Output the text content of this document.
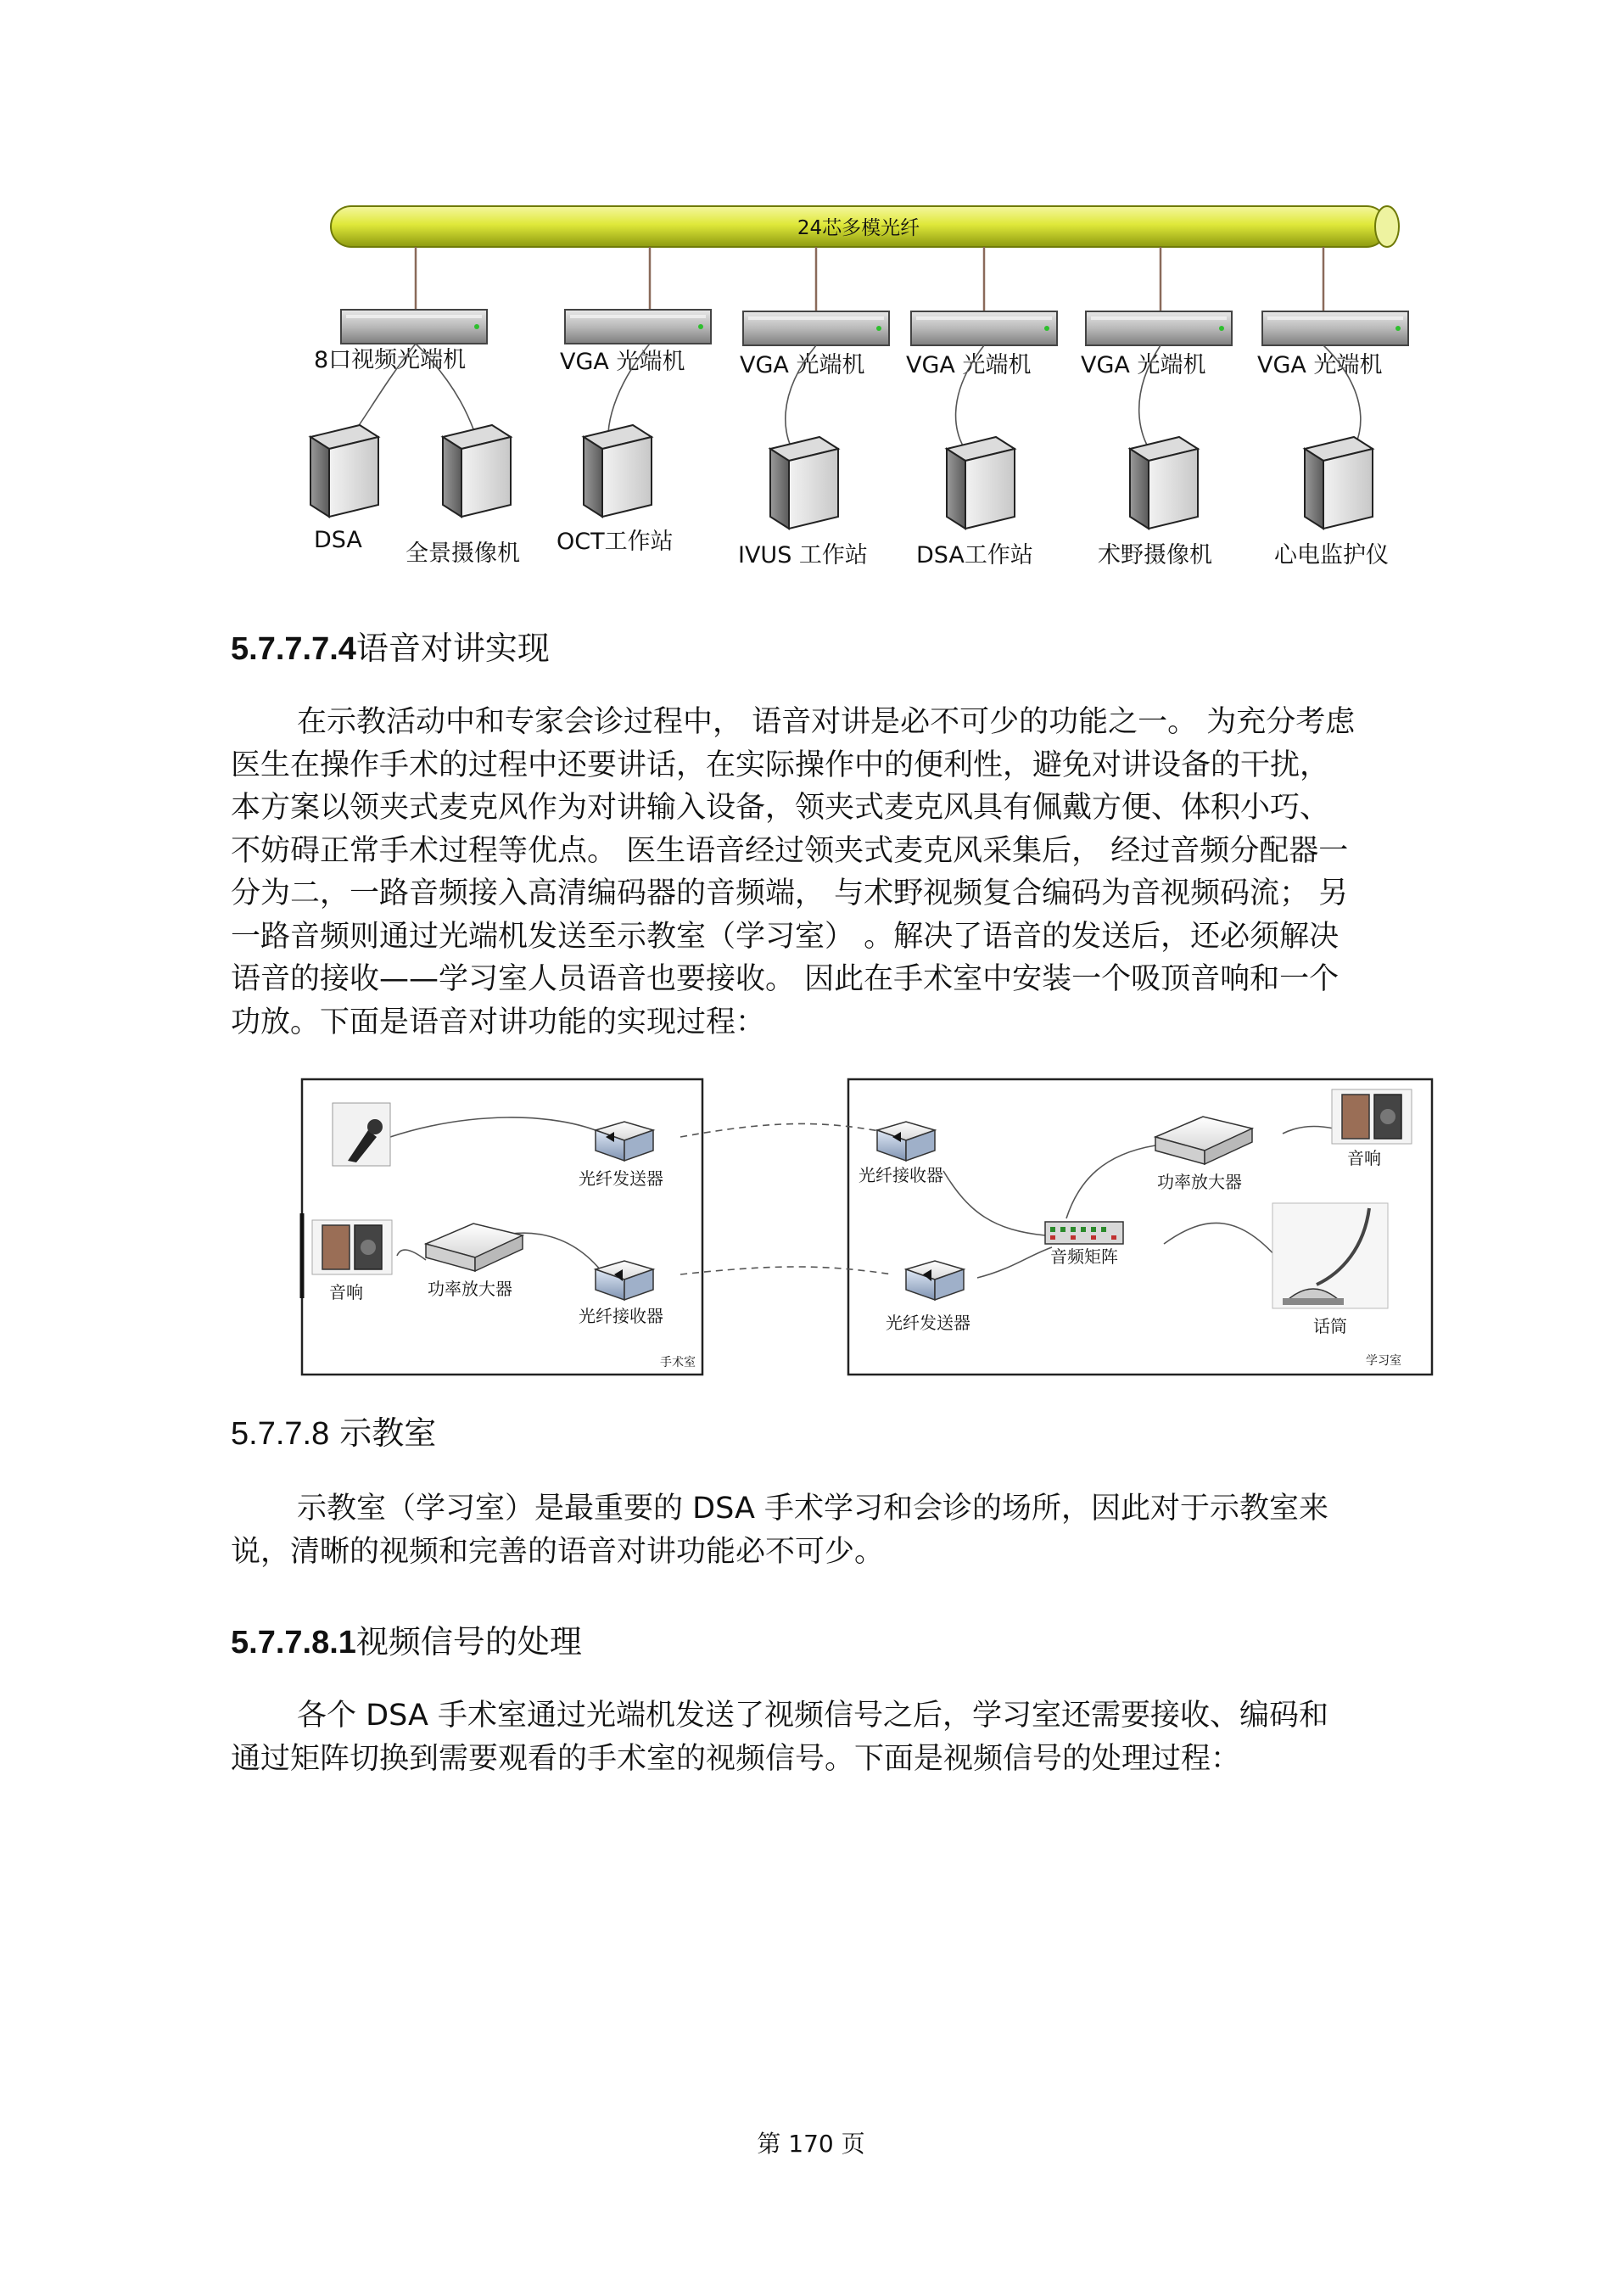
24芯多模光纤
8口视频光端机	VGA 光端机 VGA 光端机 VGA 光端机 VGA 光端机 VGA 光端机
DSA
全景摄像机 OCT工作站
IVUS 工作站 DSA工作站	术野摄像机	心电监护仪
5.7.7.7.4语音对讲实现
在示教活动中和专家会诊过程中， 语音对讲是必不可少的功能之一。 为充分考虑
医生在操作手术的过程中还要讲话，在实际操作中的便利性，避免对讲设备的干扰，
本方案以领夹式麦克风作为对讲输入设备，领夹式麦克风具有佩戴方便、体积小巧、
不妨碍正常手术过程等优点。 医生语音经过领夹式麦克风采集后， 经过音频分配器一
分为二，一路音频接入高清编码器的音频端， 与术野视频复合编码为音视频码流； 另
一路音频则通过光端机发送至示教室（学习室） 。解决了语音的发送后，还必须解决
语音的接收——学习室人员语音也要接收。 因此在手术室中安装一个吸顶音响和一个
功放。下面是语音对讲功能的实现过程：
手术室	学习室
光纤发送器
音响	功率放大器
光纤接收器
光纤接收器	功率放大器
音响
音频矩阵
光纤发送器	话筒
5.7.7.8 示教室
示教室（学习室）是最重要的 DSA 手术学习和会诊的场所，因此对于示教室来
说，清晰的视频和完善的语音对讲功能必不可少。
5.7.7.8.1视频信号的处理
各个 DSA 手术室通过光端机发送了视频信号之后，学习室还需要接收、编码和
通过矩阵切换到需要观看的手术室的视频信号。下面是视频信号的处理过程：
第 170 页
